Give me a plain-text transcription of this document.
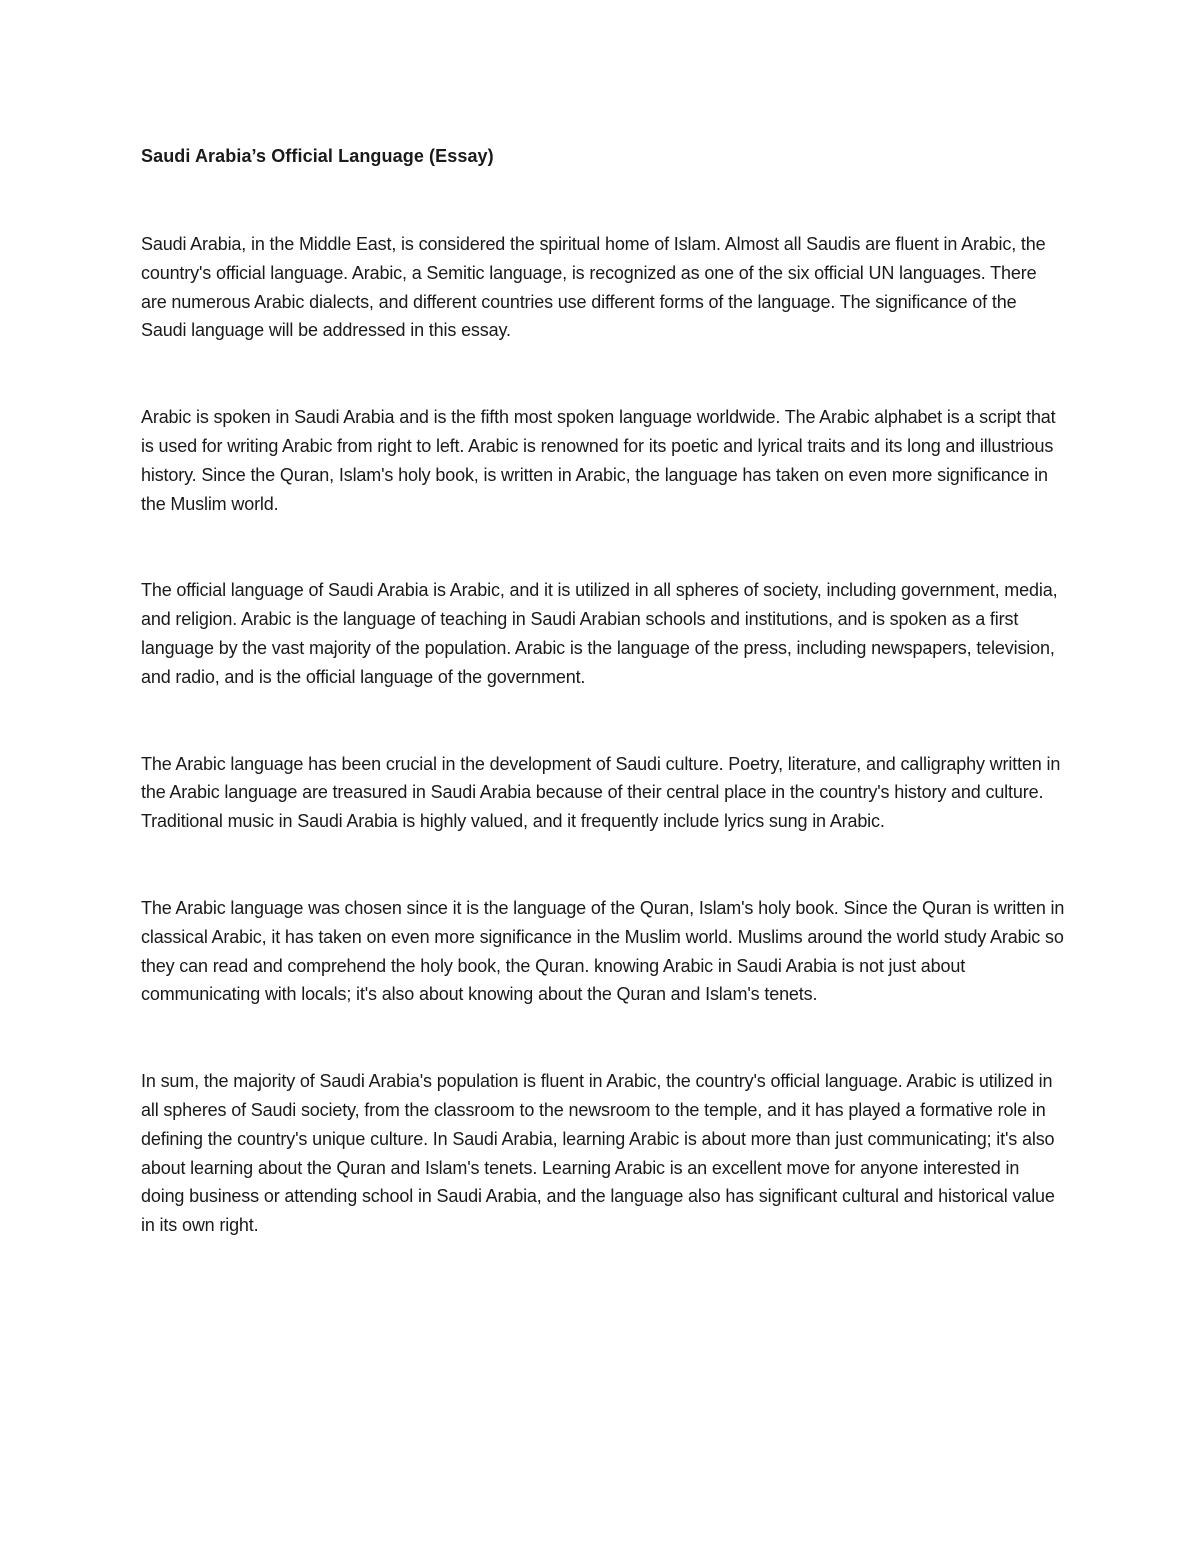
Saudi Arabia’s Official Language (Essay)

Saudi Arabia, in the Middle East, is considered the spiritual home of Islam. Almost all Saudis are fluent in Arabic, the country's official language. Arabic, a Semitic language, is recognized as one of the six official UN languages. There are numerous Arabic dialects, and different countries use different forms of the language. The significance of the Saudi language will be addressed in this essay.

Arabic is spoken in Saudi Arabia and is the fifth most spoken language worldwide. The Arabic alphabet is a script that is used for writing Arabic from right to left. Arabic is renowned for its poetic and lyrical traits and its long and illustrious history. Since the Quran, Islam's holy book, is written in Arabic, the language has taken on even more significance in the Muslim world.

The official language of Saudi Arabia is Arabic, and it is utilized in all spheres of society, including government, media, and religion. Arabic is the language of teaching in Saudi Arabian schools and institutions, and is spoken as a first language by the vast majority of the population. Arabic is the language of the press, including newspapers, television, and radio, and is the official language of the government.

The Arabic language has been crucial in the development of Saudi culture. Poetry, literature, and calligraphy written in the Arabic language are treasured in Saudi Arabia because of their central place in the country's history and culture. Traditional music in Saudi Arabia is highly valued, and it frequently include lyrics sung in Arabic.

The Arabic language was chosen since it is the language of the Quran, Islam's holy book. Since the Quran is written in classical Arabic, it has taken on even more significance in the Muslim world. Muslims around the world study Arabic so they can read and comprehend the holy book, the Quran. knowing Arabic in Saudi Arabia is not just about communicating with locals; it's also about knowing about the Quran and Islam's tenets.

In sum, the majority of Saudi Arabia's population is fluent in Arabic, the country's official language. Arabic is utilized in all spheres of Saudi society, from the classroom to the newsroom to the temple, and it has played a formative role in defining the country's unique culture. In Saudi Arabia, learning Arabic is about more than just communicating; it's also about learning about the Quran and Islam's tenets. Learning Arabic is an excellent move for anyone interested in doing business or attending school in Saudi Arabia, and the language also has significant cultural and historical value in its own right.
